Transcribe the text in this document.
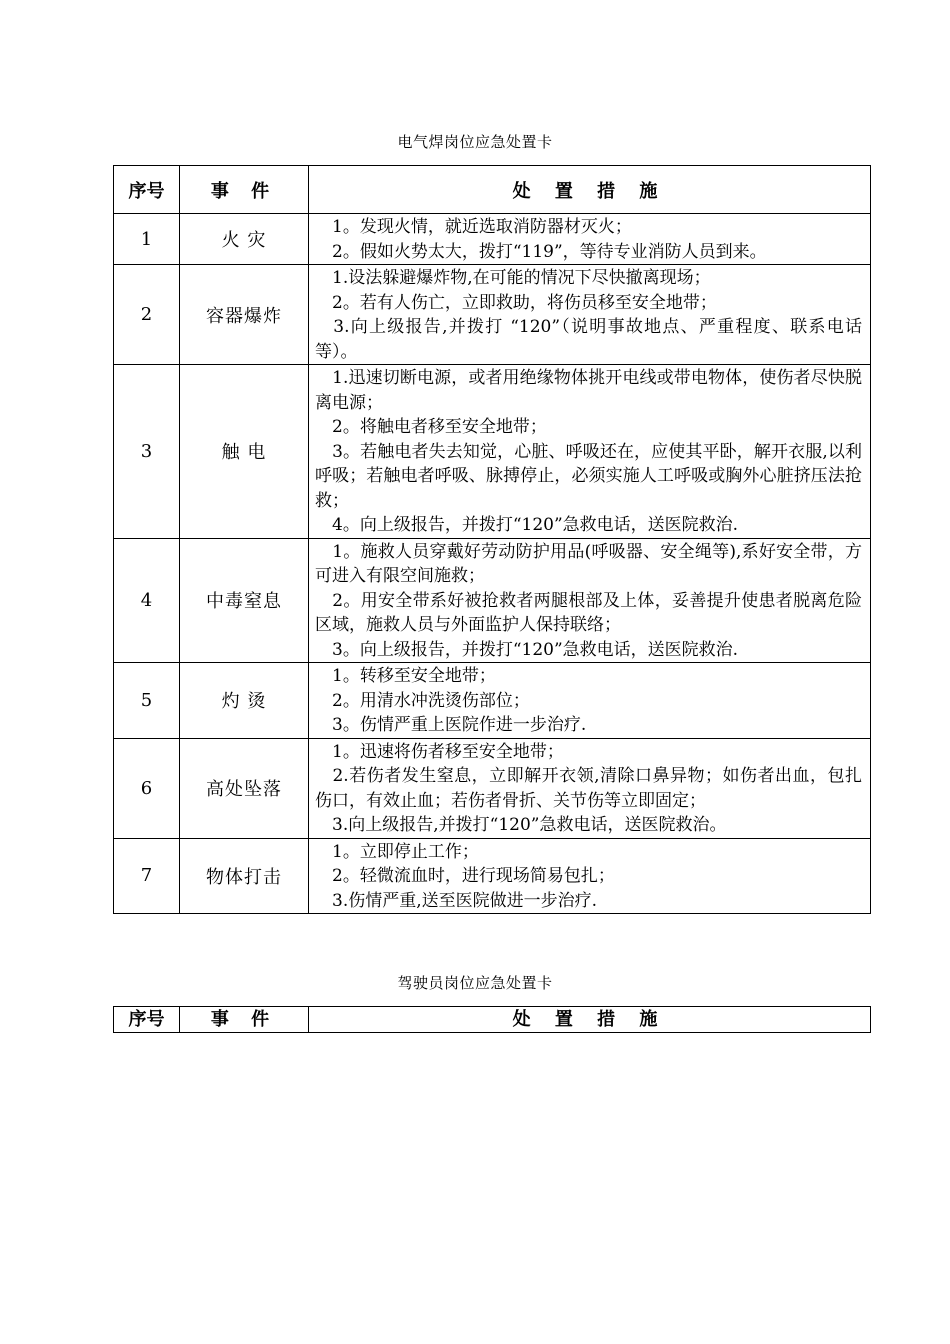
电气焊岗位应急处置卡
序号	事 件	处 置 措 施
1	火 灾	　1。发现火情，就近选取消防器材灭火；
　2。假如火势太大，拨打“119”，等待专业消防人员到来。

2	容器爆炸	　1.设法躲避爆炸物,在可能的情况下尽快撤离现场；
　2。若有人伤亡，立即救助，将伤员移至安全地带；
　3.向上级报告,并拨打 “120”（说明事故地点、严重程度、联系电话等）。

3	触 电	　1.迅速切断电源，或者用绝缘物体挑开电线或带电物体，使伤者尽快脱离电源；
　2。将触电者移至安全地带；
　3。若触电者失去知觉，心脏、呼吸还在，应使其平卧，解开衣服,以利呼吸；若触电者呼吸、脉搏停止，必须实施人工呼吸或胸外心脏挤压法抢救；
　4。向上级报告，并拨打“120”急救电话，送医院救治.

4	中毒窒息	　1。施救人员穿戴好劳动防护用品(呼吸器、安全绳等),系好安全带，方可进入有限空间施救；
　2。用安全带系好被抢救者两腿根部及上体，妥善提升使患者脱离危险区域，施救人员与外面监护人保持联络；
　3。向上级报告，并拨打“120”急救电话，送医院救治.

5	灼 烫	　1。转移至安全地带；
　2。用清水冲洗烫伤部位；
　3。伤情严重上医院作进一步治疗.

6	高处坠落	　1。迅速将伤者移至安全地带；
　2.若伤者发生窒息，立即解开衣领,清除口鼻异物；如伤者出血，包扎伤口，有效止血；若伤者骨折、关节伤等立即固定；
　3.向上级报告,并拨打“120”急救电话，送医院救治。

7	物体打击	　1。立即停止工作；
　2。轻微流血时，进行现场简易包扎；
　3.伤情严重,送至医院做进一步治疗.
驾驶员岗位应急处置卡
序号	事 件	处 置 措 施
